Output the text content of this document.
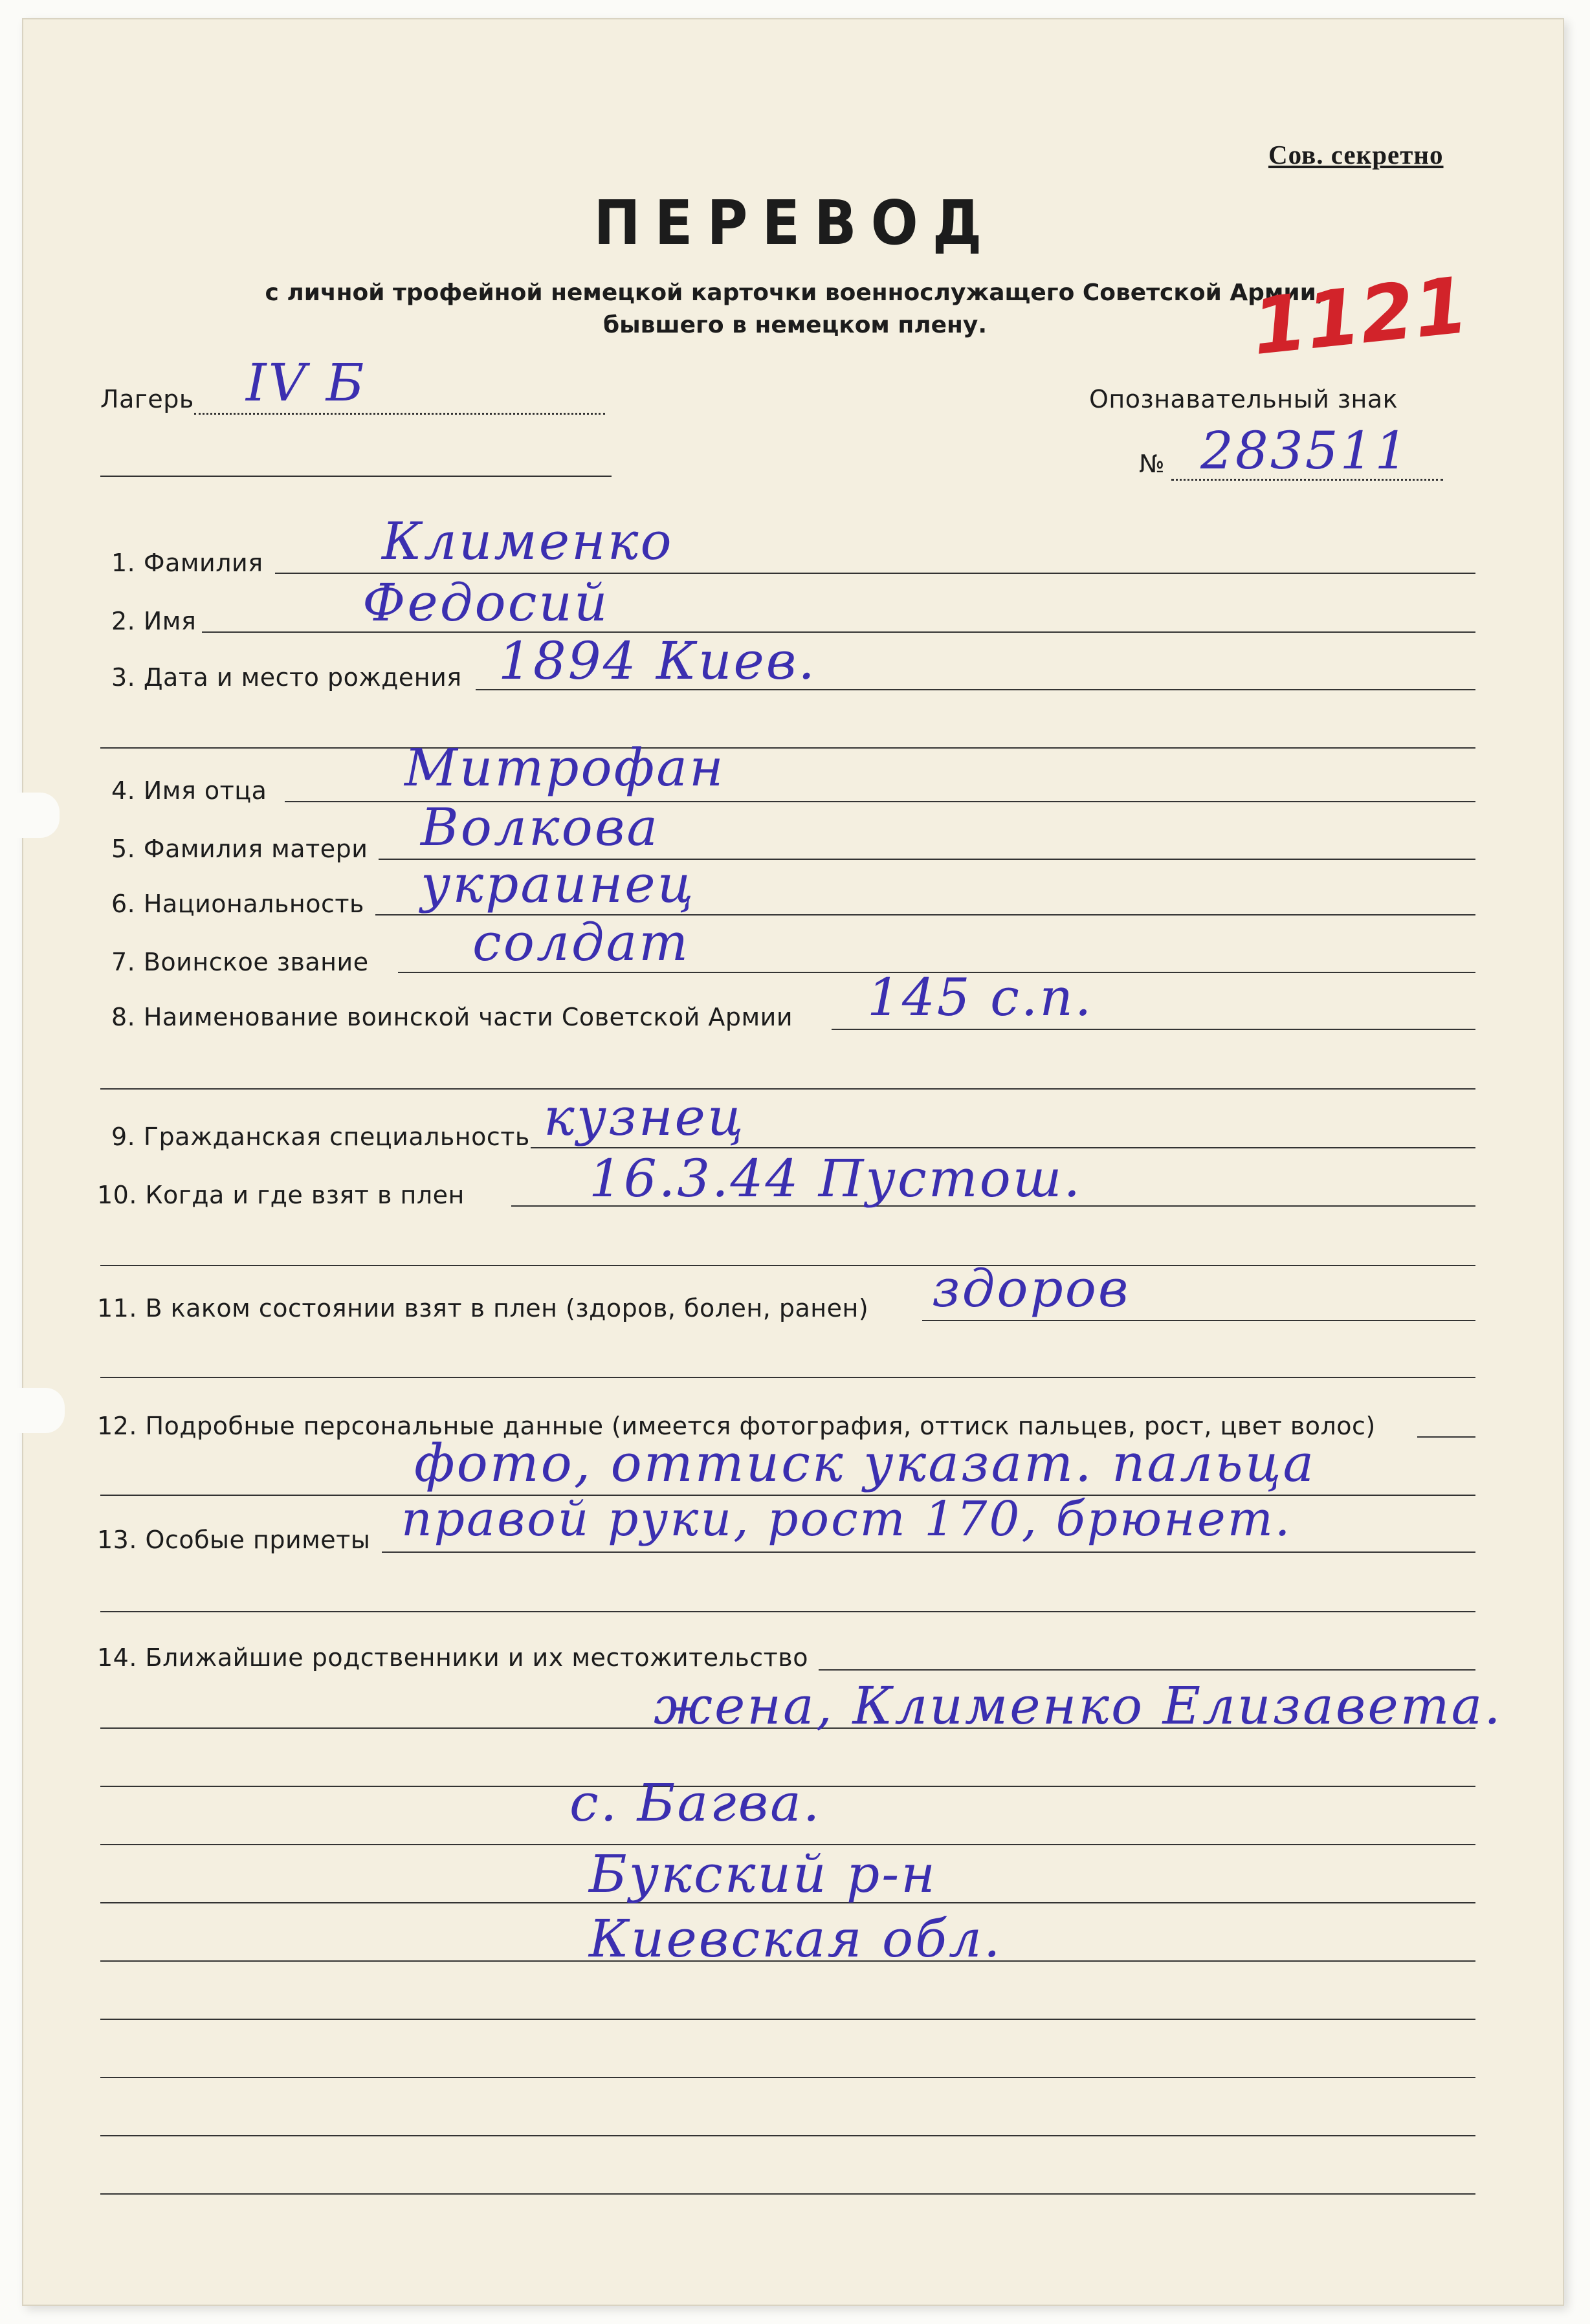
Сов. секретно
ПЕРЕВОД
с личной трофейной немецкой карточки военнослужащего Советской Армии,
бывшего в немецком плену.	1121
Лагерь IV Б	Опознавательный знак
№ 283511
1. Фамилия Клименко
2. Имя	Федосий
3. Дата и место рождения 1894 Киев.
4. Имя отца	Митрофан
5. Фамилия матери Волкова
6. Национальность украинец
7. Воинское звание солдат
8. Наименование воинской части Советской Армии 145 с.п.
9. Гражданская специальность кузнец
10. Когда и где взят в плен 16.3.44 Пустош.
11. В каком состоянии взят в плен (здоров, болен, ранен) здоров
12. Подробные персональные данные (имеется фотография, оттиск пальцев, рост, цвет волос)
фото, оттиск указат. пальца
13. Особые приметы правой руки, рост 170, брюнет.
14. Ближайшие родственники и их местожительство
жена, Клименко Елизавета.
с. Багва.
Букский р-н
Киевская обл.
